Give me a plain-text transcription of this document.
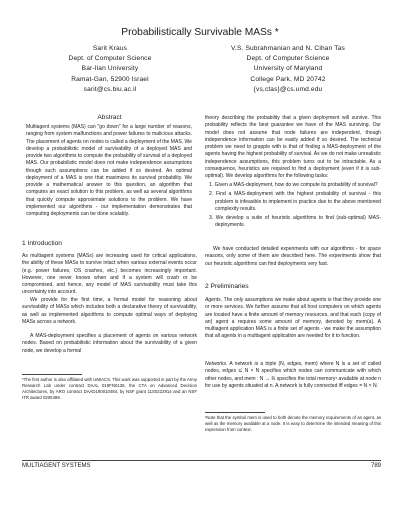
Probabilistically Survivable MASs *
Sarit Kraus
Dept. of Computer Science
Bar-Ilan University
Ramat-Gan, 52900 Israel
sarit@cs.biu.ac.il
V.S. Subrahmanian and N. Cihan Tas
Dept. of Computer Science
University of Maryland
College Park, MD 20742
{vs,ctas}@cs.umd.edu
Abstract

Multiagent systems (MAS) can "go down" for a large number of reasons, ranging from system malfunctions and power failures to malicious attacks. The placement of agents on nodes is called a deployment of the MAS. We develop a probabilistic model of survivability of a deployed MAS and provide two algorithms to compute the probability of survival of a deployed MAS. Our probabilistic model does not make independence assumptions though such assumptions can be added if so desired. An optimal deployment of a MAS is one that maximizes its survival probability. We provide a mathematical answer to this question, an algorithm that computes an exact solution to this problem, as well as several algorithms that quickly compute approximate solutions to the problem. We have implemented our algorithms - our implementation demonstrates that computing deployments can be done scalably.

1 Introduction

As multiagent systems (MASs) are increasing used for critical applications, the ability of these MASs to survive intact when various external events occur (e.g. power failures, OS crashes, etc.) becomes increasingly important. However, one never knows when and if a system will crash or be compromised, and hence, any model of MAS survivability must take this uncertainty into account.

We provide for the first time, a formal model for reasoning about survivability of MASs which includes both a declarative theory of survivability, as well as implemented algorithms to compute optimal ways of deploying MASs across a network.

A MAS-deployment specifies a placement of agents on various network nodes. Based on probabilistic information about the survivability of a given node, we develop a formal

*The first author is also affiliated with UMIACS. This work was supported in part by the Army Research Lab under contract DAAL 019FN0135, the CTA on Advanced Decision Architectures, by ARO contract DAAD190010484, by NSF grant 11S0222914 and an NSF ITR award 0205489.

theory describing the probability that a given deployment will survive. This probability reflects the best guarantee we have of the MAS surviving. Our model does not assume that node failures are independent, though independence information can be easily added if so desired. The technical problem we need to grapple with is that of finding a MAS-deployment of the agents having the highest probability of survival. As we do not make unrealistic independence assumptions, this problem turns out to be intractable. As a consequence, heuristics are required to find a deployment (even if it is sub-optimal). We develop algorithms for the following tasks:

1. Given a MAS-deployment, how do we compute its probability of survival?

2. Find a MAS-deployment with the highest probability of survival - this problem is infeasible to implement in practice due to the above mentioned complexity results.

3. We develop a suite of heuristic algorithms to find (sub-optimal) MAS-deployments.

We have conducted detailed experiments with our algorithms - for space reasons, only some of them are described here. The experiments show that our heuristic algorithms can find deployments very fast.

2 Preliminaries

Agents. The only assumptions we make about agents is that they provide one or more services. We further assume that all host computers on which agents are located have a finite amount of memory resources, and that each (copy of an) agent a requires some amount of memory, denoted by mem(a). A multiagent application MAS is a finite set of agents - we make the assumption that all agents in a multiagent application are needed for it to function.

Networks. A network is a triple (N, edges, mem) where N is a set of called nodes, edges ⊆ N × N specifies which nodes can communicate with which other nodes, and mem : N → ℝ specifies the total memory¹ available at node n for use by agents situated at n. A network is fully connected iff edges = N × N.

¹Note that the symbol mem is used to both denote the memory requirements of an agent, as well as the memory available at a node. It is easy to determine the intended meaning of this expression from context.

MULTIAGENT SYSTEMS	789
